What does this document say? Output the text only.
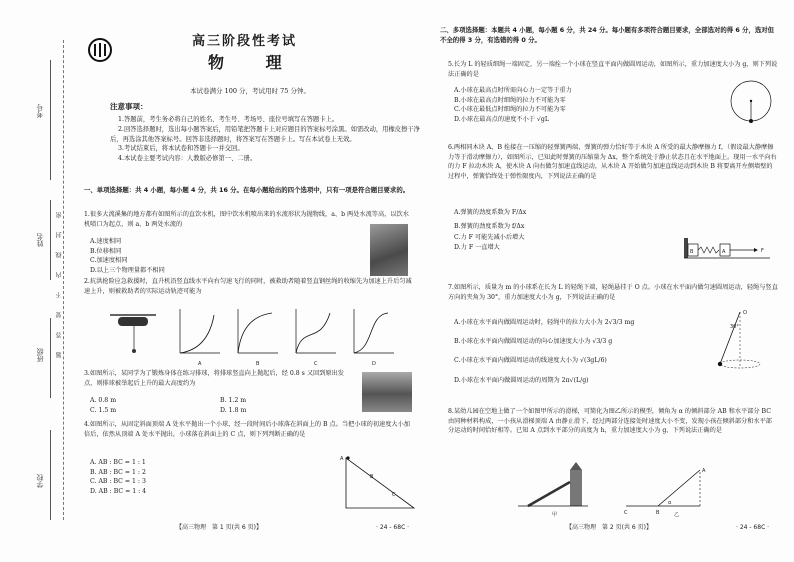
考号
姓名
班级
学校
密
封
线
内
不
要
答
题
高三阶段性考试
物 理
本试卷满分 100 分，考试用时 75 分钟。
注意事项：

1.答题前，考生务必将自己的姓名、考生号、考场号、座位号填写在答题卡上。

2.回答选择题时，选出每小题答案后，用铅笔把答题卡上对应题目的答案标号涂黑。如需改动，用橡皮擦干净后，再选涂其他答案标号。回答非选择题时，将答案写在答题卡上。写在本试卷上无效。

3.考试结束后，将本试卷和答题卡一并交回。

4.本试卷主要考试内容：人教版必修第一、二册。

一、单项选择题：共 4 小题，每小题 4 分，共 16 分。在每小题给出的四个选项中，只有一项是符合题目要求的。
1.很多大流溪集的地方都有如图所示的直饮水机，图中饮水机喷出来的水流形状为抛物线，a、b 两处水流等高，以饮水机喷口为起点，则 a、b 两处水流的
A.速度相同
B.位移相同
C.加速度相同
D.以上三个物理量都不相同
2.抗洪抢险应急救援时，直升机沿竖直线水平向右匀速飞行的同时，被救助者随着竖直钢丝绳的收缩先为加速上升后匀减速上升，则被救助者的实际运动轨迹可能为
A	B	C	D
3.如图所示，某同学为了锻炼身体在练习排球，将排球竖直向上抛起后，经 0.8 s 又回到原出发点，则排球被举起后上升的最大高度约为
A. 0.8 m	B. 1.2 m
C. 1.5 m	D. 1.8 m
4.如图所示，从固定斜面顶端 A 处水平抛出一个小球，经一段时间后小球落在斜面上的 B 点。当把小球的初速度大小加倍后，依然从顶端 A 处水平抛出，小球落在斜面上的 C 点，则下列判断正确的是
A. AB : BC = 1 : 1
B. AB : BC = 1 : 2
C. AB : BC = 1 : 3
D. AB : BC = 1 : 4
A
B
C
【高三物理　第 1 页(共 6 页)】	· 24 - 68C ·
二、多项选择题：本题共 4 小题，每小题 6 分，共 24 分。每小题有多项符合题目要求，全部选对的得 6 分，选对但不全的得 3 分，有选错的得 0 分。
5.长为 L 的轻质细绳一端固定，另一端拴一个小球在竖直平面内做圆周运动，如图所示，重力加速度大小为 g，则下列说法正确的是
A.小球在最高点时所需向心力一定等于重力
B.小球在最高点时细绳的拉力不可能为零
C.小球在最低点时细绳的拉力不可能为零
D.小球在最高点的速度不小于 √gL
6.两相同木块 A、B 拴接在一压缩的轻弹簧两端，弹簧的弹力恰好等于木块 A 所受的最大静摩擦力 f，（假设最大静摩擦力等于滑动摩擦力），如图所示，已知此时弹簧的压缩量为 Δx，整个系统处于静止状态且在水平地面上。现用一水平向右的力 F 拉动木块 A，使木块 A 向右做匀加速直线运动，从木块 A 开始做匀加速直线运动到木块 B 将要离开左侧墙壁的过程中，弹簧恰终处于弹性限度内，下列说法正确的是
A.弹簧的劲度系数为 F/Δx
B.弹簧的劲度系数为 f/Δx
C.力 F 可能先减小后增大
D.力 F 一直增大
B	A	F
7.如图所示，质量为 m 的小球系在长为 L 的轻绳下端，轻绳悬挂于 O 点。小球在水平面内做匀速圆周运动，轻绳与竖直方向的夹角为 30°，重力加速度大小为 g，下列说法正确的是
A.小球在水平面内做圆周运动时，轻绳中的拉力大小为 2√3/3 mg
B.小球在水平面内做圆周运动的向心加速度大小为 √3/3 g
C.小球在水平面内做圆周运动的线速度大小为 √(3gL/6)
D.小球在水平面内做圆周运动的周期为 2π√(L/g)
O
30°
8.某幼儿园在空地上做了一个如图甲所示的滑梯，可简化为图乙所示的模型，倾角为 α 的倾斜部分 AB 和水平部分 BC 由同种材料构成，一小孩从滑梯顶端 A 由静止滑下，经过两部分连接处时速度大小不变，发现小孩在倾斜部分和水平部分运动的时间恰好相等。已知 A 点到水平部分的高度为 h，重力加速度大小为 g，下列说法正确的是
A
B
C
α
甲	乙
【高三物理　第 2 页(共 6 页)】	· 24 - 68C ·
